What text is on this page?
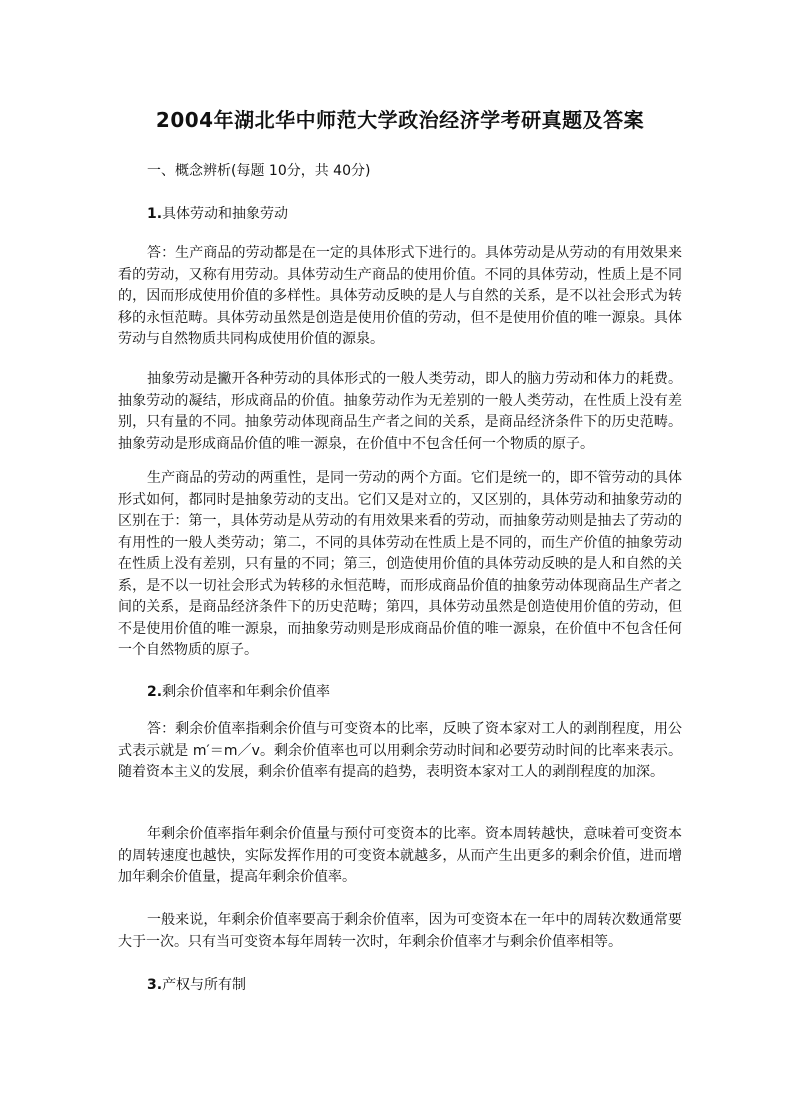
2004年湖北华中师范大学政治经济学考研真题及答案
一、概念辨析(每题 10分，共 40分)
1.具体劳动和抽象劳动

答：生产商品的劳动都是在一定的具体形式下进行的。具体劳动是从劳动的有用效果来看的劳动，又称有用劳动。具体劳动生产商品的使用价值。不同的具体劳动，性质上是不同的，因而形成使用价值的多样性。具体劳动反映的是人与自然的关系，是不以社会形式为转移的永恒范畴。具体劳动虽然是创造是使用价值的劳动，但不是使用价值的唯一源泉。具体劳动与自然物质共同构成使用价值的源泉。

抽象劳动是撇开各种劳动的具体形式的一般人类劳动，即人的脑力劳动和体力的耗费。抽象劳动的凝结，形成商品的价值。抽象劳动作为无差别的一般人类劳动，在性质上没有差别，只有量的不同。抽象劳动体现商品生产者之间的关系，是商品经济条件下的历史范畴。抽象劳动是形成商品价值的唯一源泉，在价值中不包含任何一个物质的原子。

生产商品的劳动的两重性，是同一劳动的两个方面。它们是统一的，即不管劳动的具体形式如何，都同时是抽象劳动的支出。它们又是对立的，又区别的，具体劳动和抽象劳动的区别在于：第一，具体劳动是从劳动的有用效果来看的劳动，而抽象劳动则是抽去了劳动的有用性的一般人类劳动；第二，不同的具体劳动在性质上是不同的，而生产价值的抽象劳动在性质上没有差别，只有量的不同；第三，创造使用价值的具体劳动反映的是人和自然的关系，是不以一切社会形式为转移的永恒范畴，而形成商品价值的抽象劳动体现商品生产者之间的关系，是商品经济条件下的历史范畴；第四，具体劳动虽然是创造使用价值的劳动，但不是使用价值的唯一源泉，而抽象劳动则是形成商品价值的唯一源泉，在价值中不包含任何一个自然物质的原子。

2.剩余价值率和年剩余价值率

答：剩余价值率指剩余价值与可变资本的比率，反映了资本家对工人的剥削程度，用公式表示就是 m′＝m／v。剩余价值率也可以用剩余劳动时间和必要劳动时间的比率来表示。随着资本主义的发展，剩余价值率有提高的趋势，表明资本家对工人的剥削程度的加深。

年剩余价值率指年剩余价值量与预付可变资本的比率。资本周转越快，意味着可变资本的周转速度也越快，实际发挥作用的可变资本就越多，从而产生出更多的剩余价值，进而增加年剩余价值量，提高年剩余价值率。

一般来说，年剩余价值率要高于剩余价值率，因为可变资本在一年中的周转次数通常要大于一次。只有当可变资本每年周转一次时，年剩余价值率才与剩余价值率相等。

3.产权与所有制
